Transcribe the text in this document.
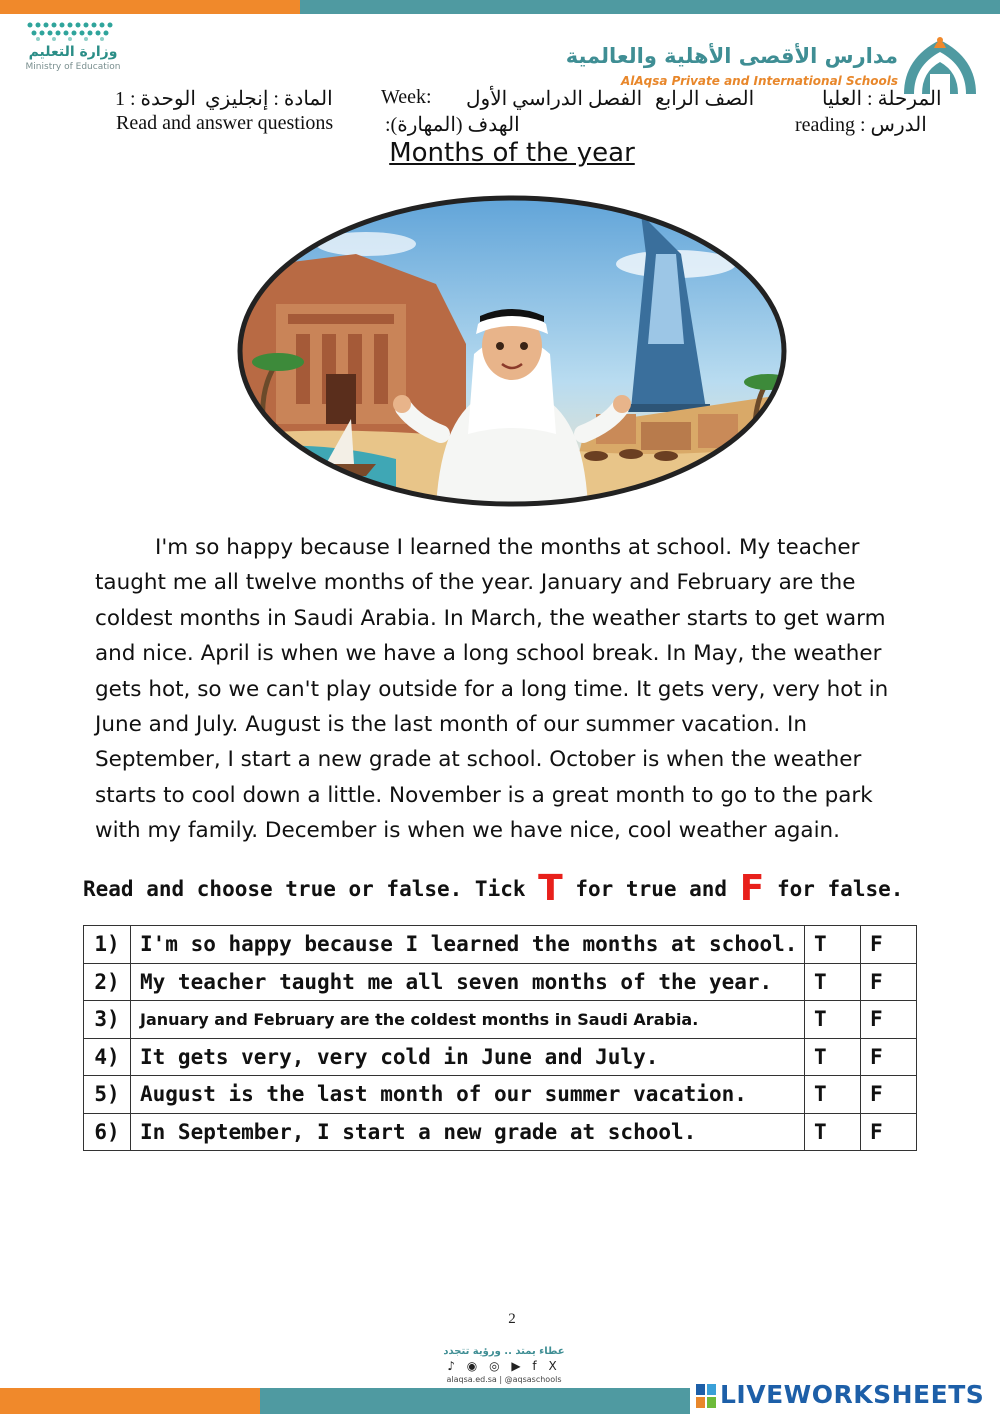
وزارة التعليم
Ministry of Education	مدارس الأقصى الأهلية والعالمية
AlAqsa Private and International Schools
الوحدة : 1 المادة : إنجليزي Week: الفصل الدراسي الأول الصف الرابع	المرحلة : العليا
Read and answer questions	الهدف (المهارة):	الدرس : reading
Months of the year
I'm so happy because I learned the months at school. My teacher taught me all twelve months of the year. January and February are the coldest months in Saudi Arabia. In March, the weather starts to get warm and nice. April is when we have a long school break. In May, the weather gets hot, so we can't play outside for a long time. It gets very, very hot in June and July. August is the last month of our summer vacation. In September, I start a new grade at school. October is when the weather starts to cool down a little. November is a great month to go to the park with my family. December is when we have nice, cool weather again.
Read and choose true or false. Tick T for true and F for false.
1)	I'm so happy because I learned the months at school.	T	F
2)	My teacher taught me all seven months of the year.	T	F
3)	January and February are the coldest months in Saudi Arabia.	T	F
4)	It gets very, very cold in June and July.	T	F
5)	August is the last month of our summer vacation.	T	F
6)	In September, I start a new grade at school.	T	F
2
عطاء يمتد .. ورؤية تتجدد
♪ ◉ ◎ ▶ f X
alaqsa.ed.sa | @aqsaschools
LIVEWORKSHEETS
